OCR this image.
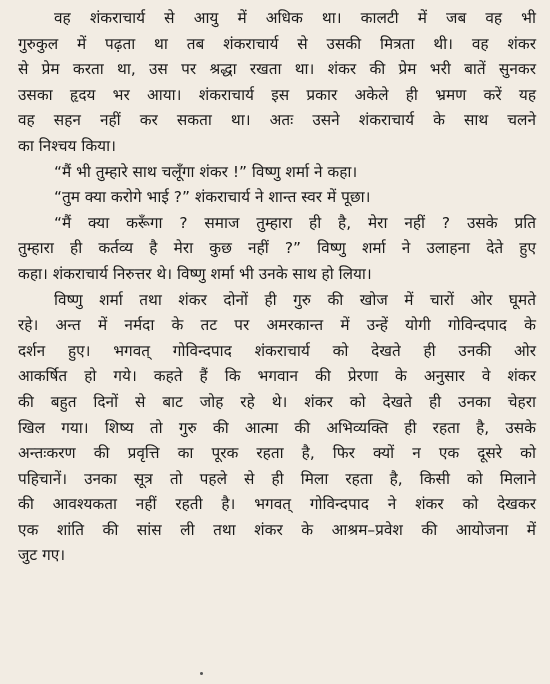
वह शंकराचार्य से आयु में अधिक था। कालटी में जब वह भी
गुरुकुल में पढ़ता था तब शंकराचार्य से उसकी मित्रता थी। वह शंकर
से प्रेम करता था, उस पर श्रद्धा रखता था। शंकर की प्रेम भरी बातें सुनकर
उसका हृदय भर आया। शंकराचार्य इस प्रकार अकेले ही भ्रमण करें यह
वह सहन नहीं कर सकता था। अतः उसने शंकराचार्य के साथ चलने
का निश्चय किया।

“मैं भी तुम्हारे साथ चलूँगा शंकर !” विष्णु शर्मा ने कहा।

“तुम क्या करोगे भाई ?” शंकराचार्य ने शान्त स्वर में पूछा।

“मैं क्या करूँगा ? समाज तुम्हारा ही है, मेरा नहीं ? उसके प्रति
तुम्हारा ही कर्तव्य है मेरा कुछ नहीं ?” विष्णु शर्मा ने उलाहना देते हुए
कहा। शंकराचार्य निरुत्तर थे। विष्णु शर्मा भी उनके साथ हो लिया।

विष्णु शर्मा तथा शंकर दोनों ही गुरु की खोज में चारों ओर घूमते
रहे। अन्त में नर्मदा के तट पर अमरकान्त में उन्हें योगी गोविन्दपाद के
दर्शन हुए। भगवत् गोविन्दपाद शंकराचार्य को देखते ही उनकी ओर
आकर्षित हो गये। कहते हैं कि भगवान की प्रेरणा के अनुसार वे शंकर
की बहुत दिनों से बाट जोह रहे थे। शंकर को देखते ही उनका चेहरा
खिल गया। शिष्य तो गुरु की आत्मा की अभिव्यक्ति ही रहता है, उसके
अन्तःकरण की प्रवृत्ति का पूरक रहता है, फिर क्यों न एक दूसरे को
पहिचानें। उनका सूत्र तो पहले से ही मिला रहता है, किसी को मिलाने
की आवश्यकता नहीं रहती है। भगवत् गोविन्दपाद ने शंकर को देखकर
एक शांति की सांस ली तथा शंकर के आश्रम–प्रवेश की आयोजना में
जुट गए।
